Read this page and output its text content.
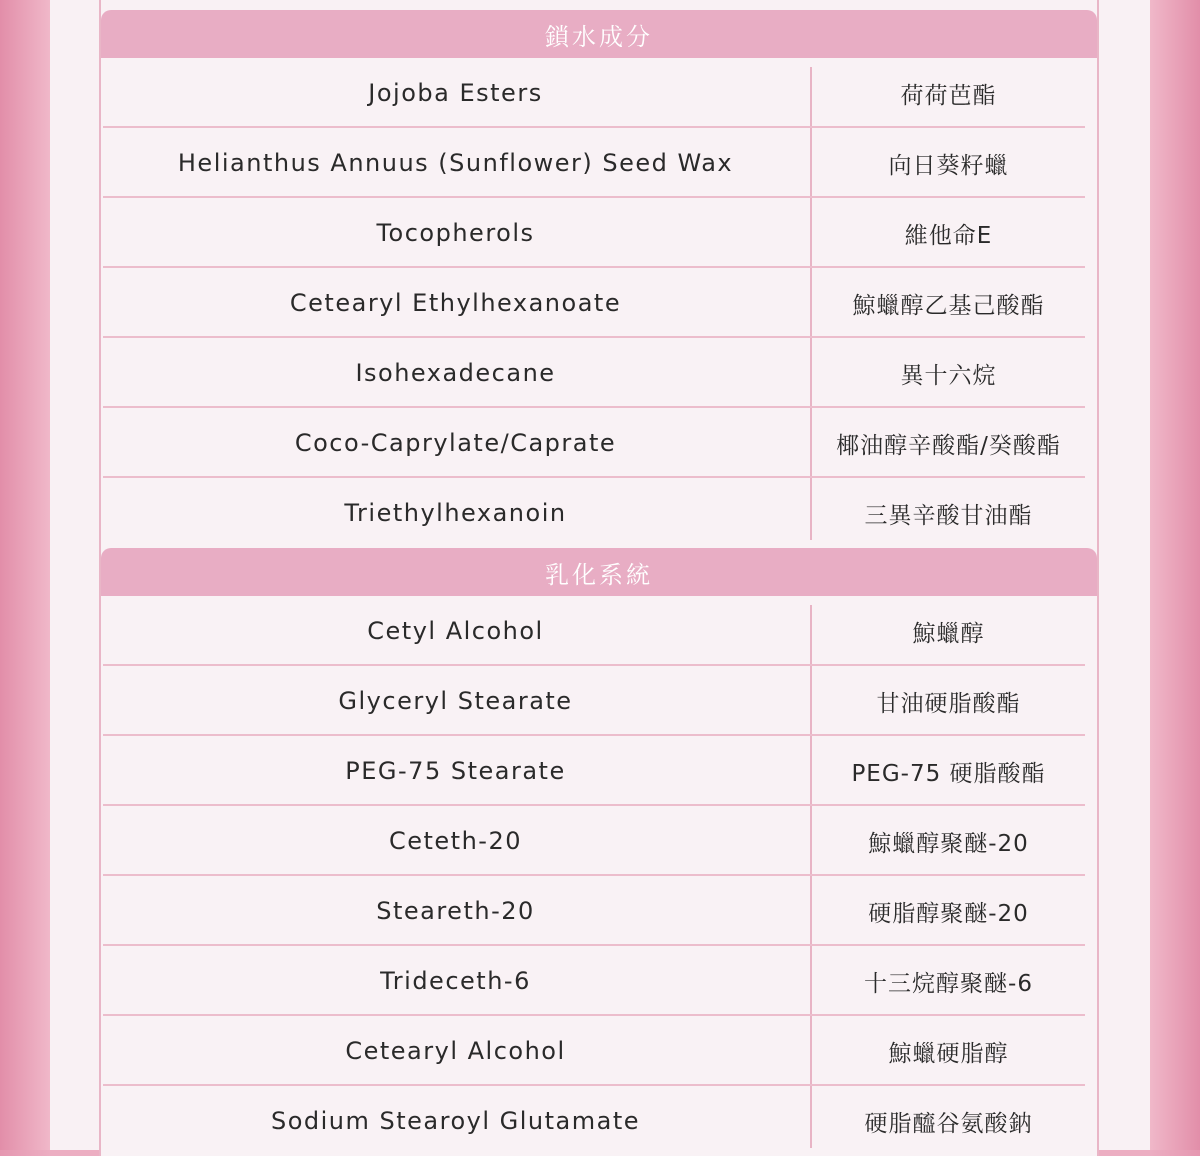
鎖水成分
Jojoba Esters	荷荷芭酯
Helianthus Annuus (Sunflower) Seed Wax	向日葵籽蠟
Tocopherols	維他命E
Cetearyl Ethylhexanoate	鯨蠟醇乙基己酸酯
Isohexadecane	異十六烷
Coco-Caprylate/Caprate	椰油醇辛酸酯/癸酸酯
Triethylhexanoin	三異辛酸甘油酯
乳化系統
Cetyl Alcohol	鯨蠟醇
Glyceryl Stearate	甘油硬脂酸酯
PEG-75 Stearate	PEG-75 硬脂酸酯
Ceteth-20	鯨蠟醇聚醚-20
Steareth-20	硬脂醇聚醚-20
Trideceth-6	十三烷醇聚醚-6
Cetearyl Alcohol	鯨蠟硬脂醇
Sodium Stearoyl Glutamate	硬脂醯谷氨酸鈉
